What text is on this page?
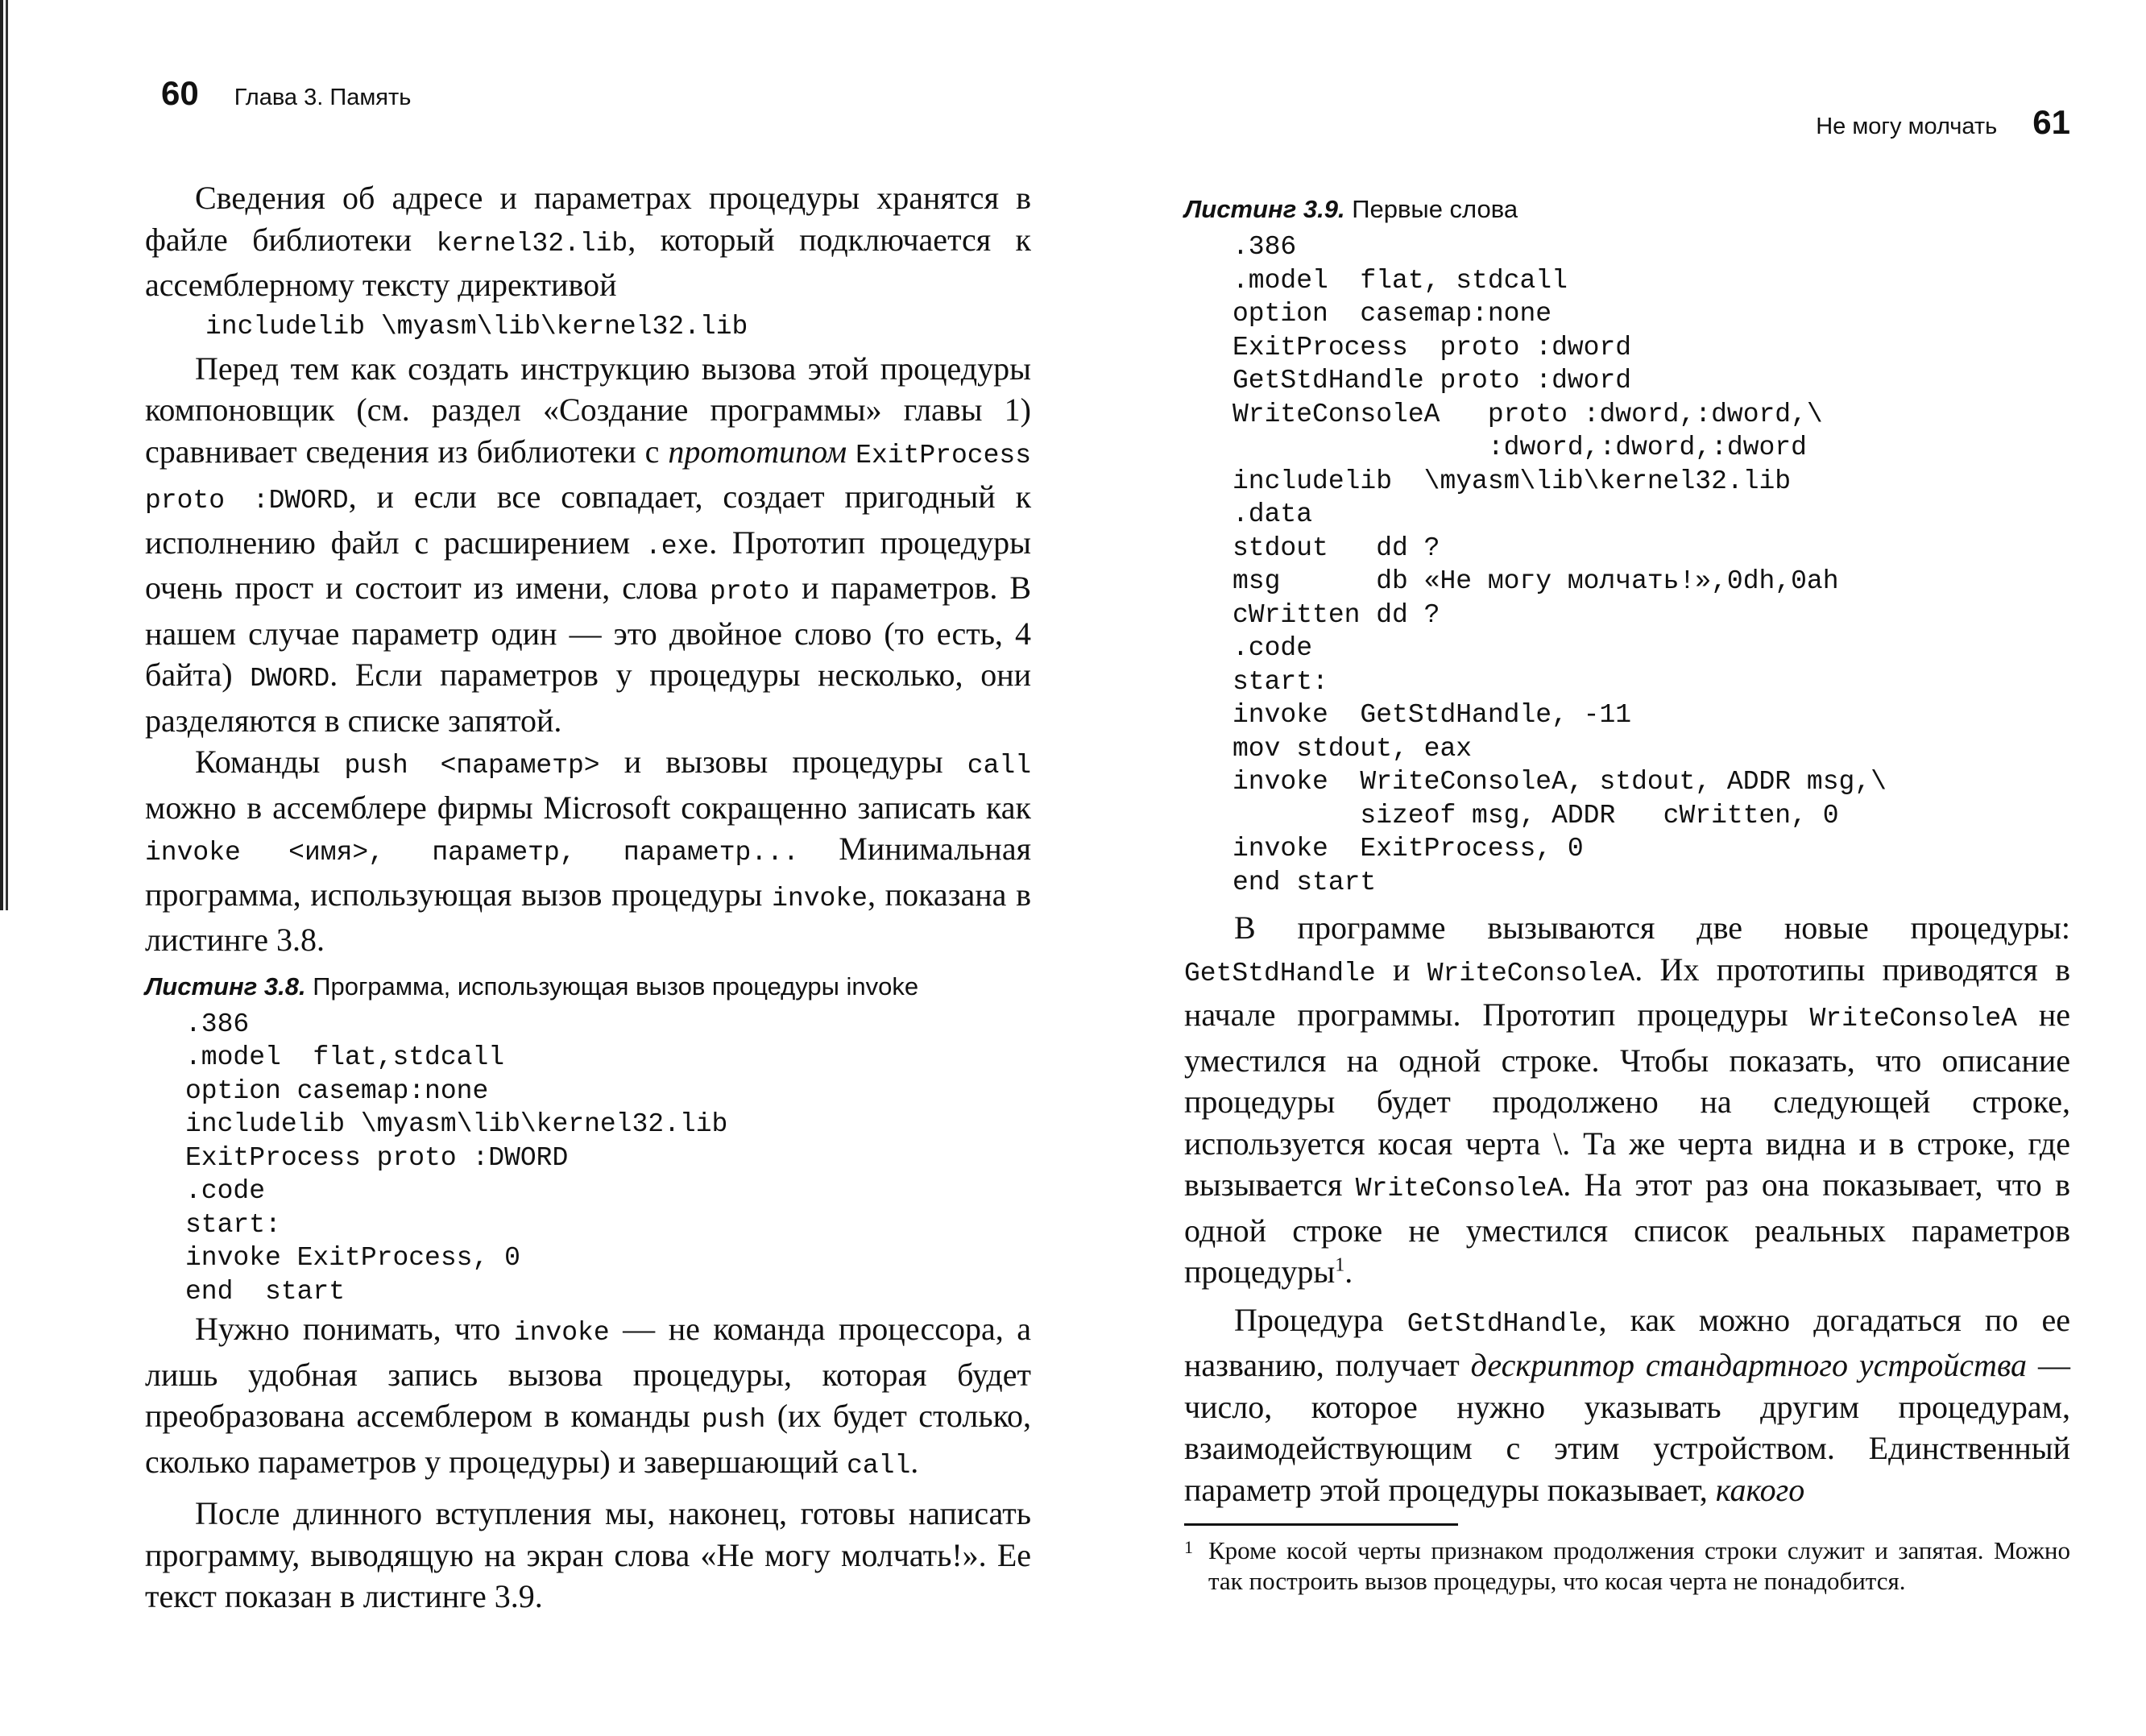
60 Глава 3. Память

Сведения об адресе и параметрах процедуры хранятся в файле библиотеки kernel32.lib, который подключается к ассемблерному тексту директивой

includelib \myasm\lib\kernel32.lib

Перед тем как создать инструкцию вызова этой процедуры компоновщик (см. раздел «Создание программы» главы 1) сравнивает сведения из библиотеки с прототипом ExitProcess proto :DWORD, и если все совпадает, создает пригодный к исполнению файл с расширением .exe. Прототип процедуры очень прост и состоит из имени, слова proto и параметров. В нашем случае параметр один — это двойное слово (то есть, 4 байта) DWORD. Если параметров у процедуры несколько, они разделяются в списке запятой.

Команды push <параметр> и вызовы процедуры call можно в ассемблере фирмы Microsoft сокращенно записать как invoke <имя>, параметр, параметр... Минимальная программа, использующая вызов процедуры invoke, показана в листинге 3.8.

Листинг 3.8. Программа, использующая вызов процедуры invoke
.386
.model  flat,stdcall
option casemap:none
includelib \myasm\lib\kernel32.lib
ExitProcess proto :DWORD
.code
start:
invoke ExitProcess, 0
end  start

Нужно понимать, что invoke — не команда процессора, а лишь удобная запись вызова процедуры, которая будет преобразована ассемблером в команды push (их будет столько, сколько параметров у процедуры) и завершающий call.

После длинного вступления мы, наконец, готовы написать программу, выводящую на экран слова «Не могу молчать!». Ее текст показан в листинге 3.9.

Не могу молчать 61
Листинг 3.9. Первые слова
.386
.model  flat, stdcall
option  casemap:none
ExitProcess  proto :dword
GetStdHandle proto :dword
WriteConsoleA   proto :dword,:dword,\
:dword,:dword,:dword
includelib  \myasm\lib\kernel32.lib
.data
stdout   dd ?
msg      db «Не могу молчать!»,0dh,0ah
cWritten dd ?
.code
start:
invoke  GetStdHandle, -11
mov stdout, eax
invoke  WriteConsoleA, stdout, ADDR msg,\
sizeof msg, ADDR   cWritten, 0
invoke  ExitProcess, 0
end start

В программе вызываются две новые процедуры: GetStdHandle и WriteConsoleA. Их прототипы приводятся в начале программы. Прототип процедуры WriteConsoleA не уместился на одной строке. Чтобы показать, что описание процедуры будет продолжено на следующей строке, используется косая черта \. Та же черта видна и в строке, где вызывается WriteConsoleA. На этот раз она показывает, что в одной строке не уместился список реальных параметров процедуры$^1$.

Процедура GetStdHandle, как можно догадаться по ее названию, получает дескриптор стандартного устройства — число, которое нужно указывать другим процедурам, взаимодействующим с этим устройством. Единственный параметр этой процедуры показывает, какого

1 Кроме косой черты признаком продолжения строки служит и запятая. Можно так построить вызов процедуры, что косая черта не понадобится.
